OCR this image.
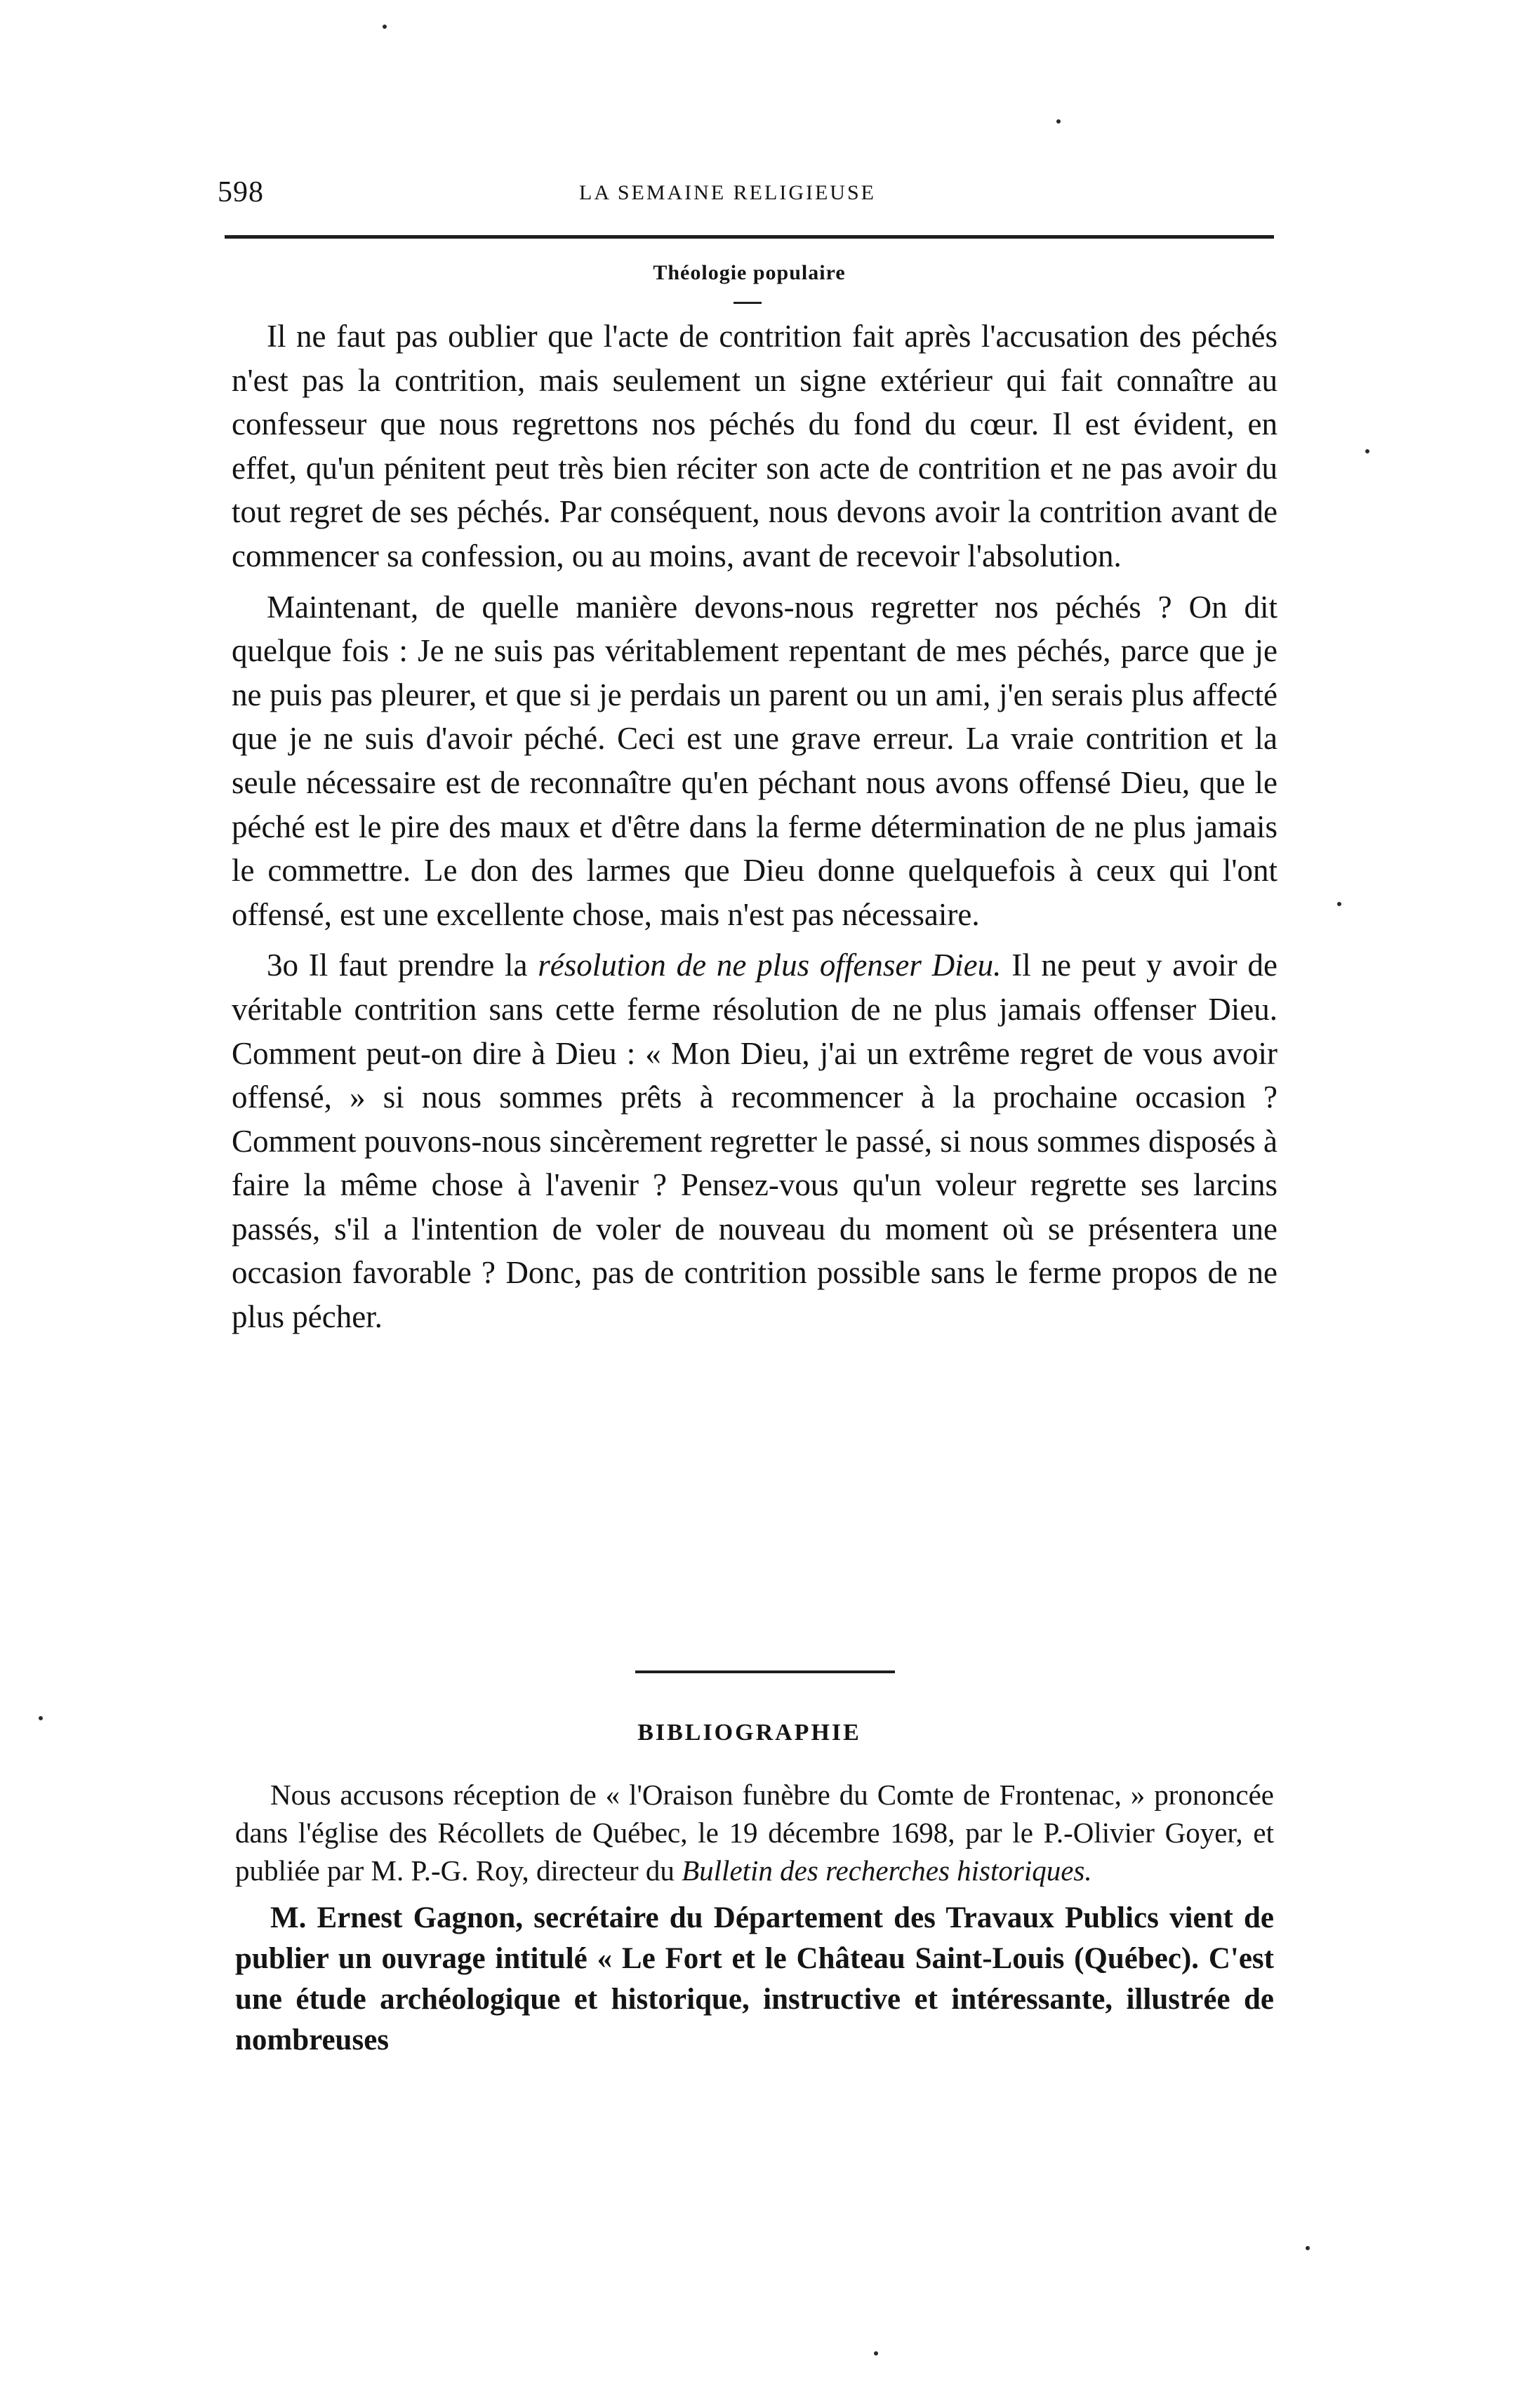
598	LA SEMAINE RELIGIEUSE
Théologie populaire

Il ne faut pas oublier que l'acte de contrition fait après l'accusation des péchés n'est pas la contrition, mais seulement un signe extérieur qui fait connaître au confesseur que nous regrettons nos péchés du fond du cœur. Il est évident, en effet, qu'un pénitent peut très bien réciter son acte de contrition et ne pas avoir du tout regret de ses péchés. Par conséquent, nous devons avoir la contrition avant de commencer sa confession, ou au moins, avant de recevoir l'absolution.

Maintenant, de quelle manière devons-nous regretter nos péchés ? On dit quelque fois : Je ne suis pas véritablement repentant de mes péchés, parce que je ne puis pas pleurer, et que si je perdais un parent ou un ami, j'en serais plus affecté que je ne suis d'avoir péché. Ceci est une grave erreur. La vraie contrition et la seule nécessaire est de reconnaître qu'en péchant nous avons offensé Dieu, que le péché est le pire des maux et d'être dans la ferme détermination de ne plus jamais le commettre. Le don des larmes que Dieu donne quelquefois à ceux qui l'ont offensé, est une excellente chose, mais n'est pas nécessaire.

3o Il faut prendre la résolution de ne plus offenser Dieu. Il ne peut y avoir de véritable contrition sans cette ferme résolution de ne plus jamais offenser Dieu. Comment peut-on dire à Dieu : « Mon Dieu, j'ai un extrême regret de vous avoir offensé, » si nous sommes prêts à recommencer à la prochaine occasion ? Comment pouvons-nous sincèrement regretter le passé, si nous sommes disposés à faire la même chose à l'avenir ? Pensez-vous qu'un voleur regrette ses larcins passés, s'il a l'intention de voler de nouveau du moment où se présentera une occasion favorable ? Donc, pas de contrition possible sans le ferme propos de ne plus pécher.

BIBLIOGRAPHIE

Nous accusons réception de « l'Oraison funèbre du Comte de Frontenac, » prononcée dans l'église des Récollets de Québec, le 19 décembre 1698, par le P.-Olivier Goyer, et publiée par M. P.-G. Roy, directeur du Bulletin des recherches historiques.

M. Ernest Gagnon, secrétaire du Département des Travaux Publics vient de publier un ouvrage intitulé « Le Fort et le Château Saint-Louis (Québec). C'est une étude archéologique et historique, instructive et intéressante, illustrée de nombreuses
